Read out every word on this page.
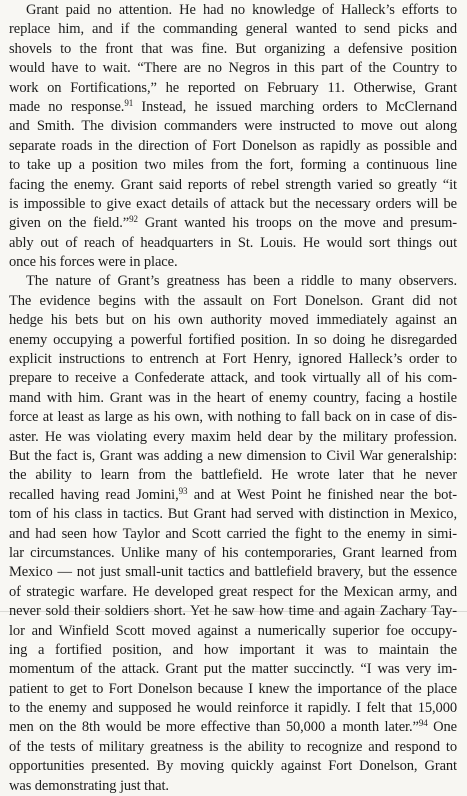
Grant paid no attention. He had no knowledge of Halleck’s efforts to
replace him, and if the commanding general wanted to send picks and
shovels to the front that was fine. But organizing a defensive position
would have to wait. “There are no Negros in this part of the Country to
work on Fortifications,” he reported on February 11. Otherwise, Grant
made no response.$^{91}$ Instead, he issued marching orders to McClernand
and Smith. The division commanders were instructed to move out along
separate roads in the direction of Fort Donelson as rapidly as possible and
to take up a position two miles from the fort, forming a continuous line
facing the enemy. Grant said reports of rebel strength varied so greatly “it
is impossible to give exact details of attack but the necessary orders will be
given on the field.”$^{92}$ Grant wanted his troops on the move and presum-
ably out of reach of headquarters in St. Louis. He would sort things out
once his forces were in place.
The nature of Grant’s greatness has been a riddle to many observers.
The evidence begins with the assault on Fort Donelson. Grant did not
hedge his bets but on his own authority moved immediately against an
enemy occupying a powerful fortified position. In so doing he disregarded
explicit instructions to entrench at Fort Henry, ignored Halleck’s order to
prepare to receive a Confederate attack, and took virtually all of his com-
mand with him. Grant was in the heart of enemy country, facing a hostile
force at least as large as his own, with nothing to fall back on in case of dis-
aster. He was violating every maxim held dear by the military profession.
But the fact is, Grant was adding a new dimension to Civil War generalship:
the ability to learn from the battlefield. He wrote later that he never
recalled having read Jomini,$^{93}$ and at West Point he finished near the bot-
tom of his class in tactics. But Grant had served with distinction in Mexico,
and had seen how Taylor and Scott carried the fight to the enemy in simi-
lar circumstances. Unlike many of his contemporaries, Grant learned from
Mexico — not just small-unit tactics and battlefield bravery, but the essence
of strategic warfare. He developed great respect for the Mexican army, and
never sold their soldiers short. Yet he saw how time and again Zachary Tay-
lor and Winfield Scott moved against a numerically superior foe occupy-
ing a fortified position, and how important it was to maintain the
momentum of the attack. Grant put the matter succinctly. “I was very im-
patient to get to Fort Donelson because I knew the importance of the place
to the enemy and supposed he would reinforce it rapidly. I felt that 15,000
men on the 8th would be more effective than 50,000 a month later.”$^{94}$ One
of the tests of military greatness is the ability to recognize and respond to
opportunities presented. By moving quickly against Fort Donelson, Grant
was demonstrating just that.
